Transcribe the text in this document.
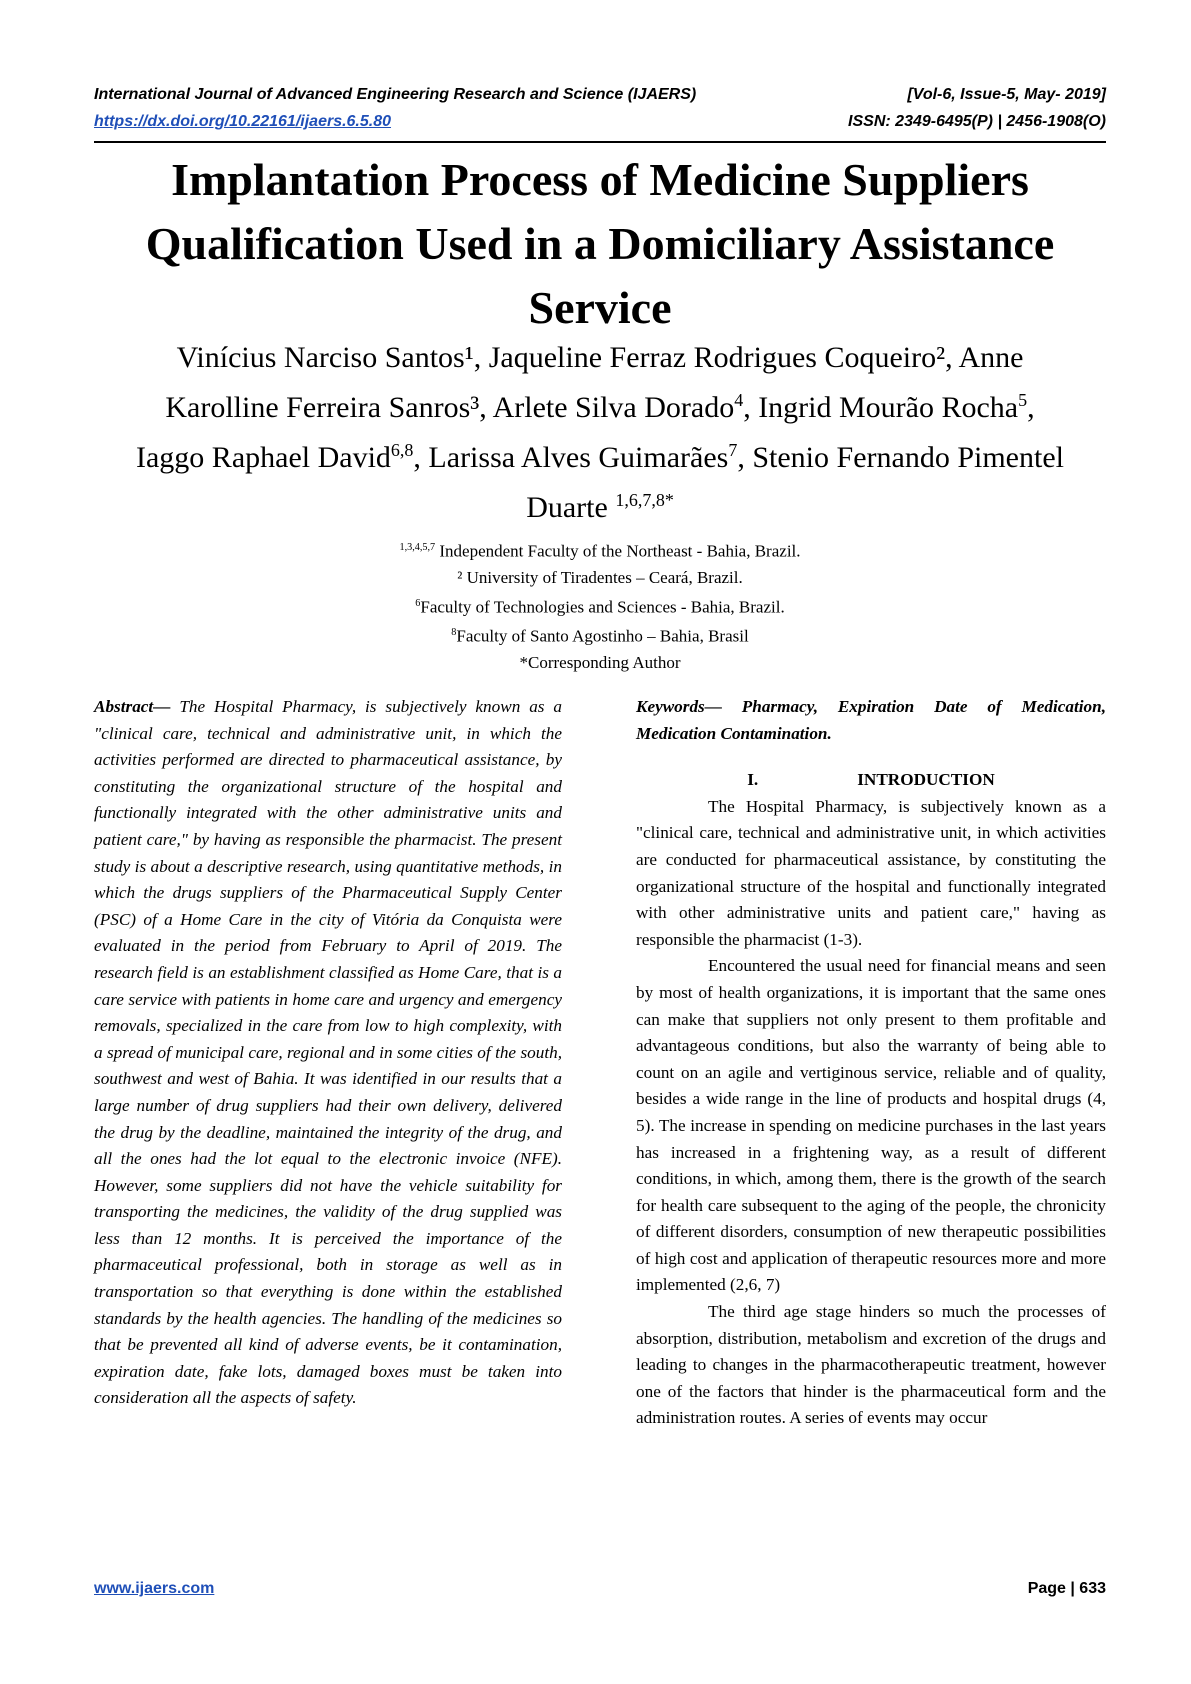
International Journal of Advanced Engineering Research and Science (IJAERS)	[Vol-6, Issue-5, May- 2019]
https://dx.doi.org/10.22161/ijaers.6.5.80	ISSN: 2349-6495(P) | 2456-1908(O)
Implantation Process of Medicine Suppliers Qualification Used in a Domiciliary Assistance Service
Vinícius Narciso Santos¹, Jaqueline Ferraz Rodrigues Coqueiro², Anne
Karolline Ferreira Sanros³, Arlete Silva Dorado$^4$, Ingrid Mourão Rocha$^5$,
Iaggo Raphael David$^{6,8}$, Larissa Alves Guimarães$^7$, Stenio Fernando Pimentel
Duarte $^{1,6,7,8*}$
$^{1,3,4,5,7}$ Independent Faculty of the Northeast - Bahia, Brazil.
² University of Tiradentes – Ceará, Brazil.
$^6$Faculty of Technologies and Sciences - Bahia, Brazil.
$^8$Faculty of Santo Agostinho – Bahia, Brasil
*Corresponding Author
Abstract— The Hospital Pharmacy, is subjectively known as a "clinical care, technical and administrative unit, in which the activities performed are directed to pharmaceutical assistance, by constituting the organizational structure of the hospital and functionally integrated with the other administrative units and patient care," by having as responsible the pharmacist. The present study is about a descriptive research, using quantitative methods, in which the drugs suppliers of the Pharmaceutical Supply Center (PSC) of a Home Care in the city of Vitória da Conquista were evaluated in the period from February to April of 2019. The research field is an establishment classified as Home Care, that is a care service with patients in home care and urgency and emergency removals, specialized in the care from low to high complexity, with a spread of municipal care, regional and in some cities of the south, southwest and west of Bahia. It was identified in our results that a large number of drug suppliers had their own delivery, delivered the drug by the deadline, maintained the integrity of the drug, and all the ones had the lot equal to the electronic invoice (NFE). However, some suppliers did not have the vehicle suitability for transporting the medicines, the validity of the drug supplied was less than 12 months. It is perceived the importance of the pharmaceutical professional, both in storage as well as in transportation so that everything is done within the established standards by the health agencies. The handling of the medicines so that be prevented all kind of adverse events, be it contamination, expiration date, fake lots, damaged boxes must be taken into consideration all the aspects of safety.
Keywords— Pharmacy, Expiration Date of Medication, Medication Contamination.
I.	INTRODUCTION

The Hospital Pharmacy, is subjectively known as a "clinical care, technical and administrative unit, in which activities are conducted for pharmaceutical assistance, by constituting the organizational structure of the hospital and functionally integrated with other administrative units and patient care," having as responsible the pharmacist (1-3).

Encountered the usual need for financial means and seen by most of health organizations, it is important that the same ones can make that suppliers not only present to them profitable and advantageous conditions, but also the warranty of being able to count on an agile and vertiginous service, reliable and of quality, besides a wide range in the line of products and hospital drugs (4, 5). The increase in spending on medicine purchases in the last years has increased in a frightening way, as a result of different conditions, in which, among them, there is the growth of the search for health care subsequent to the aging of the people, the chronicity of different disorders, consumption of new therapeutic possibilities of high cost and application of therapeutic resources more and more implemented (2,6, 7)

The third age stage hinders so much the processes of absorption, distribution, metabolism and excretion of the drugs and leading to changes in the pharmacotherapeutic treatment, however one of the factors that hinder is the pharmaceutical form and the administration routes. A series of events may occur

www.ijaers.com	Page | 633
